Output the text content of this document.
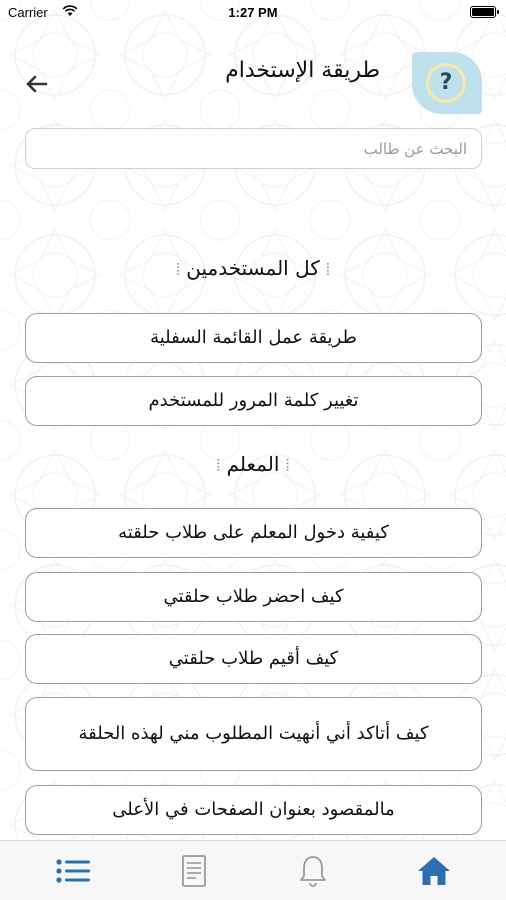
Carrier	1:27 PM
طريقة الإستخدام	?
البحث عن طالب
⦙ كل المستخدمين ⦙
طريقة عمل القائمة السفلية
تغيير كلمة المرور للمستخدم
⦙ المعلم ⦙
كيفية دخول المعلم على طلاب حلقته
كيف احضر طلاب حلقتي
كيف أقيم طلاب حلقتي
كيف أتاكد أني أنهيت المطلوب مني لهذه الحلقة
مالمقصود بعنوان الصفحات في الأعلى
